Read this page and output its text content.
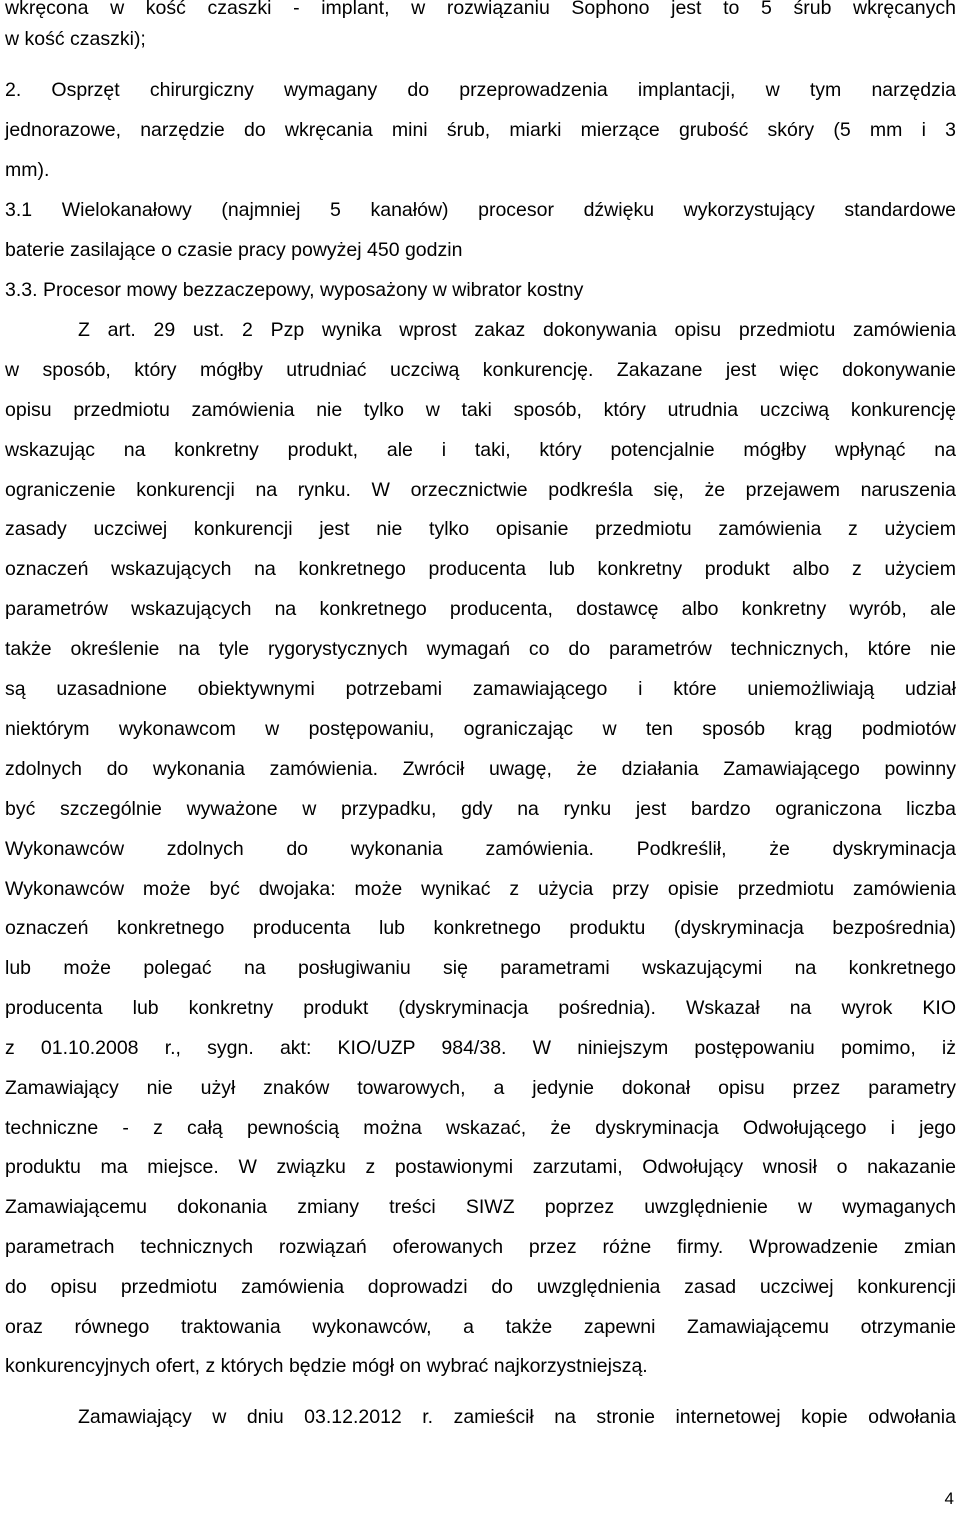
wkręcona w kość czaszki - implant, w rozwiązaniu Sophono jest to 5 śrub wkręcanych

w kość czaszki);

2. Osprzęt chirurgiczny wymagany do przeprowadzenia implantacji, w tym narzędzia

jednorazowe, narzędzie do wkręcania mini śrub, miarki mierzące grubość skóry (5 mm i 3

mm).

3.1 Wielokanałowy (najmniej 5 kanałów) procesor dźwięku wykorzystujący standardowe

baterie zasilające o czasie pracy powyżej 450 godzin

3.3. Procesor mowy bezzaczepowy, wyposażony w wibrator kostny

Z art. 29 ust. 2 Pzp wynika wprost zakaz dokonywania opisu przedmiotu zamówienia

w sposób, który mógłby utrudniać uczciwą konkurencję. Zakazane jest więc dokonywanie

opisu przedmiotu zamówienia nie tylko w taki sposób, który utrudnia uczciwą konkurencję

wskazując na konkretny produkt, ale i taki, który potencjalnie mógłby wpłynąć na

ograniczenie konkurencji na rynku. W orzecznictwie podkreśla się, że przejawem naruszenia

zasady uczciwej konkurencji jest nie tylko opisanie przedmiotu zamówienia z użyciem

oznaczeń wskazujących na konkretnego producenta lub konkretny produkt albo z użyciem

parametrów wskazujących na konkretnego producenta, dostawcę albo konkretny wyrób, ale

także określenie na tyle rygorystycznych wymagań co do parametrów technicznych, które nie

są uzasadnione obiektywnymi potrzebami zamawiającego i które uniemożliwiają udział

niektórym wykonawcom w postępowaniu, ograniczając w ten sposób krąg podmiotów

zdolnych do wykonania zamówienia. Zwrócił uwagę, że działania Zamawiającego powinny

być szczególnie wyważone w przypadku, gdy na rynku jest bardzo ograniczona liczba

Wykonawców zdolnych do wykonania zamówienia. Podkreślił, że dyskryminacja

Wykonawców może być dwojaka: może wynikać z użycia przy opisie przedmiotu zamówienia

oznaczeń konkretnego producenta lub konkretnego produktu (dyskryminacja bezpośrednia)

lub może polegać na posługiwaniu się parametrami wskazującymi na konkretnego

producenta lub konkretny produkt (dyskryminacja pośrednia). Wskazał na wyrok KIO

z 01.10.2008 r., sygn. akt: KIO/UZP 984/38. W niniejszym postępowaniu pomimo, iż

Zamawiający nie użył znaków towarowych, a jedynie dokonał opisu przez parametry

techniczne - z całą pewnością można wskazać, że dyskryminacja Odwołującego i jego

produktu ma miejsce. W związku z postawionymi zarzutami, Odwołujący wnosił o nakazanie

Zamawiającemu dokonania zmiany treści SIWZ poprzez uwzględnienie w wymaganych

parametrach technicznych rozwiązań oferowanych przez różne firmy. Wprowadzenie zmian

do opisu przedmiotu zamówienia doprowadzi do uwzględnienia zasad uczciwej konkurencji

oraz równego traktowania wykonawców, a także zapewni Zamawiającemu otrzymanie

konkurencyjnych ofert, z których będzie mógł on wybrać najkorzystniejszą.

Zamawiający w dniu 03.12.2012 r. zamieścił na stronie internetowej kopie odwołania

4
